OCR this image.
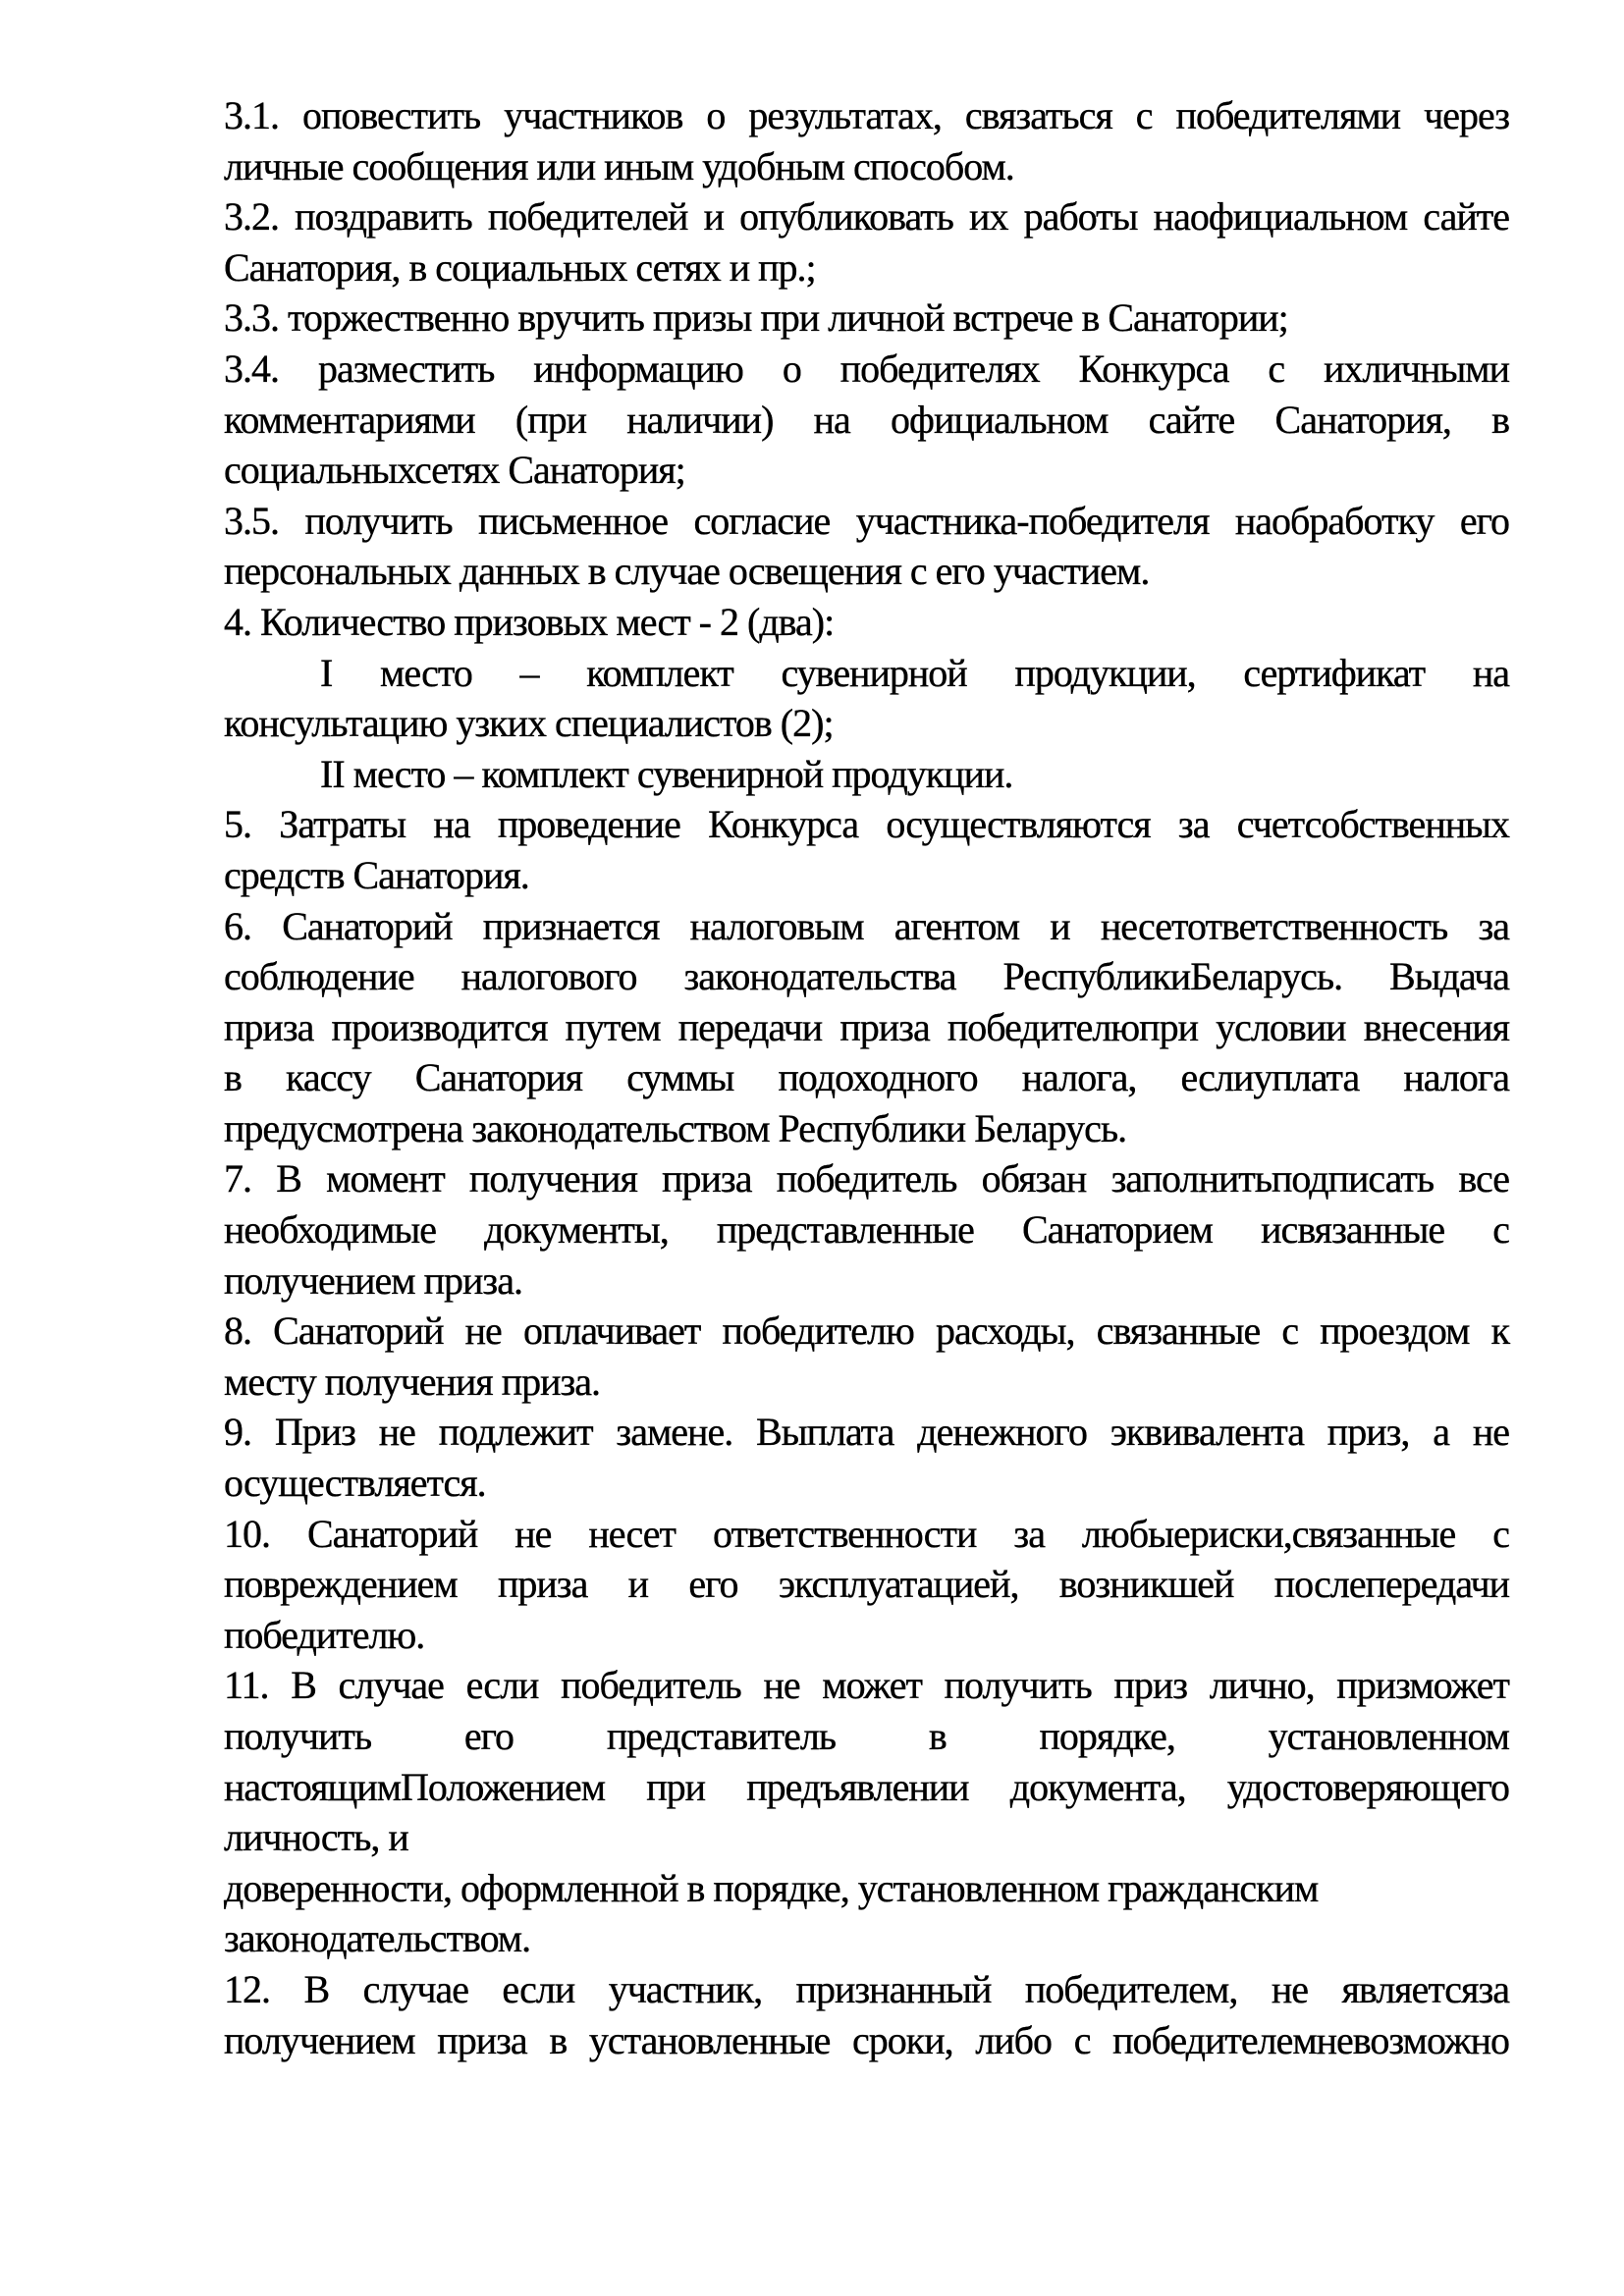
3.1. оповестить участников о результатах, связаться с победителями через
личные сообщения или иным удобным способом.
3.2. поздравить победителей и опубликовать их работы наофициальном сайте
Санатория, в социальных сетях и пр.;
3.3. торжественно вручить призы при личной встрече в Санатории;
3.4. разместить информацию о победителях Конкурса с ихличными
комментариями (при наличии) на официальном сайте Санатория, в
социальныхсетях Санатория;
3.5. получить письменное согласие участника-победителя наобработку его
персональных данных в случае освещения с его участием.
4. Количество призовых мест - 2 (два):
I место – комплект сувенирной продукции, сертификат на
консультацию узких специалистов (2);
II место – комплект сувенирной продукции.
5. Затраты на проведение Конкурса осуществляются за счетсобственных
средств Санатория.
6. Санаторий признается налоговым агентом и несетответственность за
соблюдение налогового законодательства РеспубликиБеларусь. Выдача
приза производится путем передачи приза победителюпри условии внесения
в кассу Санатория суммы подоходного налога, еслиуплата налога
предусмотрена законодательством Республики Беларусь.
7. В момент получения приза победитель обязан заполнитьподписать все
необходимые документы, представленные Санаторием исвязанные с
получением приза.
8. Санаторий не оплачивает победителю расходы, связанные с проездом к
месту получения приза.
9. Приз не подлежит замене. Выплата денежного эквивалента приз, а не
осуществляется.
10. Санаторий не несет ответственности за любыериски,связанные с
повреждением приза и его эксплуатацией, возникшей послепередачи
победителю.
11. В случае если победитель не может получить приз лично, призможет
получить его представитель в порядке, установленном
настоящимПоложением при предъявлении документа, удостоверяющего
личность, и
доверенности, оформленной в порядке, установленном гражданским
законодательством.
12. В случае если участник, признанный победителем, не являетсяза
получением приза в установленные сроки, либо с победителемневозможно
